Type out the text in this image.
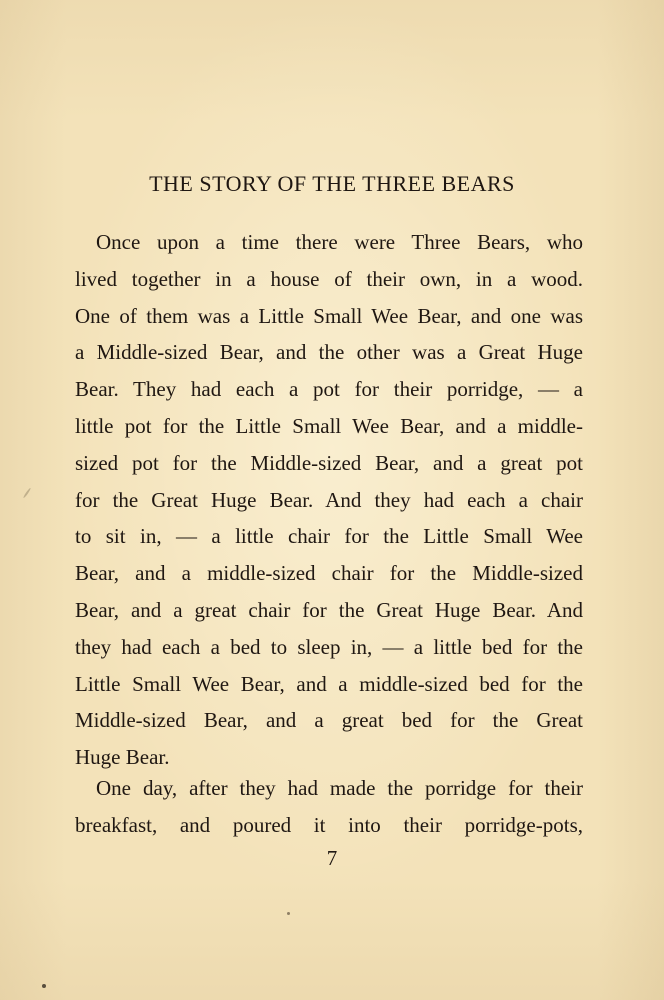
THE STORY OF THE THREE BEARS
Once upon a time there were Three Bears, who
lived together in a house of their own, in a wood.
One of them was a Little Small Wee Bear, and one was
a Middle-sized Bear, and the other was a Great Huge
Bear. They had each a pot for their porridge, — a
little pot for the Little Small Wee Bear, and a middle-
sized pot for the Middle-sized Bear, and a great pot
for the Great Huge Bear. And they had each a chair
to sit in, — a little chair for the Little Small Wee
Bear, and a middle-sized chair for the Middle-sized
Bear, and a great chair for the Great Huge Bear. And
they had each a bed to sleep in, — a little bed for the
Little Small Wee Bear, and a middle-sized bed for the
Middle-sized Bear, and a great bed for the Great
Huge Bear.
One day, after they had made the porridge for their
breakfast, and poured it into their porridge-pots,
7
